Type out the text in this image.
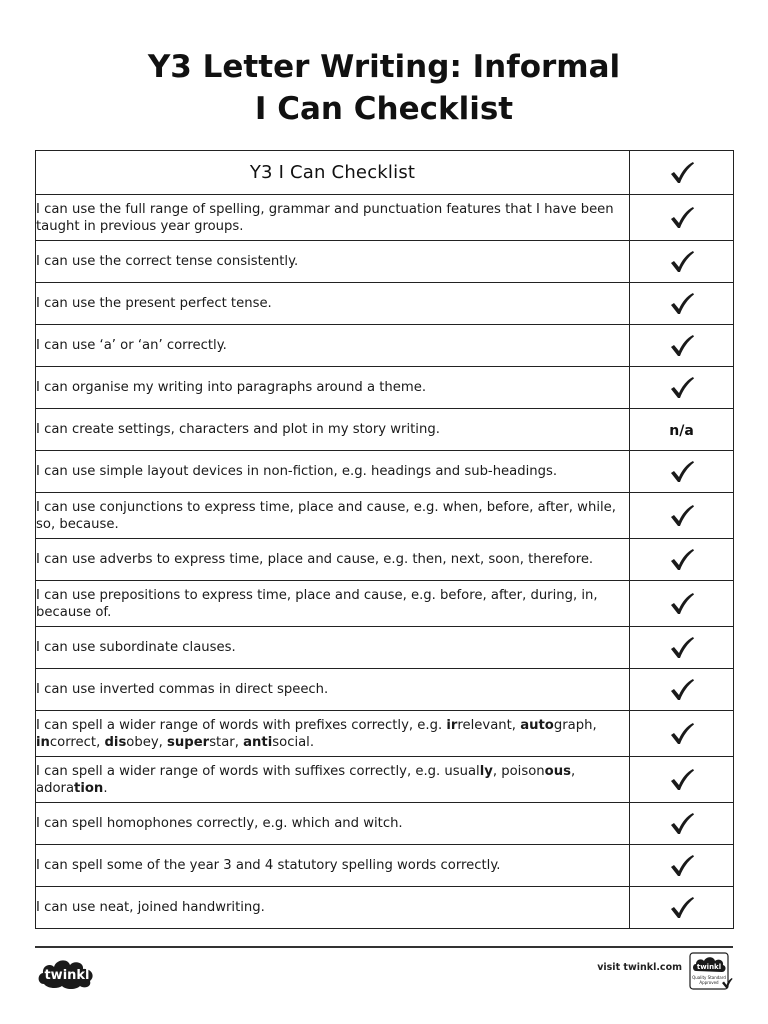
Y3 Letter Writing: Informal
I Can Checklist
Y3 I Can Checklist	

I can use the full range of spelling, grammar and punctuation features that I have been taught in previous year groups.

I can use the correct tense consistently.

I can use the present perfect tense.

I can use ‘a’ or ‘an’ correctly.

I can organise my writing into paragraphs around a theme.

I can create settings, characters and plot in my story writing.	n/a

I can use simple layout devices in non-fiction, e.g. headings and sub-headings.

I can use conjunctions to express time, place and cause, e.g. when, before, after, while, so, because.

I can use adverbs to express time, place and cause, e.g. then, next, soon, therefore.

I can use prepositions to express time, place and cause, e.g. before, after, during, in, because of.

I can use subordinate clauses.

I can use inverted commas in direct speech.

I can spell a wider range of words with prefixes correctly, e.g. irrelevant, autograph, incorrect, disobey, superstar, antisocial.

I can spell a wider range of words with suffixes correctly, e.g. usually, poisonous, adoration.

I can spell homophones correctly, e.g. which and witch.

I can spell some of the year 3 and 4 statutory spelling words correctly.

I can use neat, joined handwriting.

twinkl
visit twinkl.com twinkl
Quality Standard
Approved
